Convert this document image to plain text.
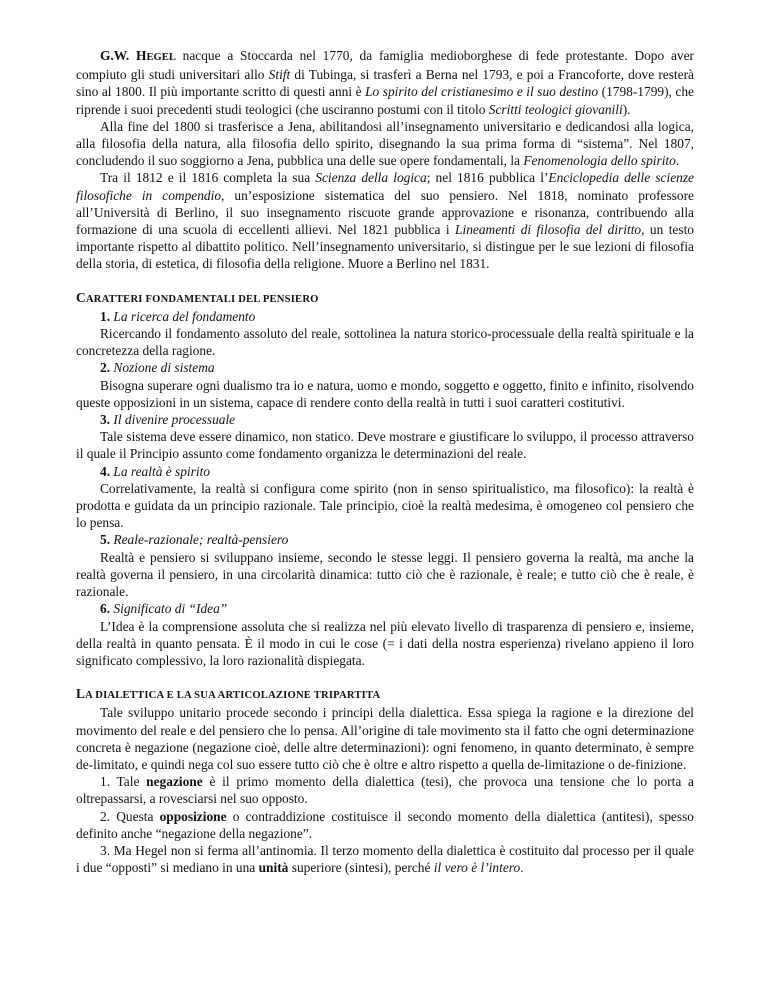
G.W. HEGEL nacque a Stoccarda nel 1770, da famiglia medioborghese di fede protestante. Dopo aver compiuto gli studi universitari allo Stift di Tubinga, si trasferì a Berna nel 1793, e poi a Francoforte, dove resterà sino al 1800. Il più importante scritto di questi anni è Lo spirito del cristianesimo e il suo destino (1798-1799), che riprende i suoi precedenti studi teologici (che usciranno postumi con il titolo Scritti teologici giovanili).

Alla fine del 1800 si trasferisce a Jena, abilitandosi all’insegnamento universitario e dedicandosi alla logica, alla filosofia della natura, alla filosofia dello spirito, disegnando la sua prima forma di “sistema”. Nel 1807, concludendo il suo soggiorno a Jena, pubblica una delle sue opere fondamentali, la Fenomenologia dello spirito.

Tra il 1812 e il 1816 completa la sua Scienza della logica; nel 1816 pubblica l’Enciclopedia delle scienze filosofiche in compendio, un’esposizione sistematica del suo pensiero. Nel 1818, nominato professore all’Università di Berlino, il suo insegnamento riscuote grande approvazione e risonanza, contribuendo alla formazione di una scuola di eccellenti allievi. Nel 1821 pubblica i Lineamenti di filosofia del diritto, un testo importante rispetto al dibattito politico. Nell’insegnamento universitario, si distingue per le sue lezioni di filosofia della storia, di estetica, di filosofia della religione. Muore a Berlino nel 1831.

CARATTERI FONDAMENTALI DEL PENSIERO

1. La ricerca del fondamento

Ricercando il fondamento assoluto del reale, sottolinea la natura storico-processuale della realtà spirituale e la concretezza della ragione.

2. Nozione di sistema

Bisogna superare ogni dualismo tra io e natura, uomo e mondo, soggetto e oggetto, finito e infinito, risolvendo queste opposizioni in un sistema, capace di rendere conto della realtà in tutti i suoi caratteri costitutivi.

3. Il divenire processuale

Tale sistema deve essere dinamico, non statico. Deve mostrare e giustificare lo sviluppo, il processo attraverso il quale il Principio assunto come fondamento organizza le determinazioni del reale.

4. La realtà è spirito

Correlativamente, la realtà si configura come spirito (non in senso spiritualistico, ma filosofico): la realtà è prodotta e guidata da un principio razionale. Tale principio, cioè la realtà medesima, è omogeneo col pensiero che lo pensa.

5. Reale-razionale; realtà-pensiero

Realtà e pensiero si sviluppano insieme, secondo le stesse leggi. Il pensiero governa la realtà, ma anche la realtà governa il pensiero, in una circolarità dinamica: tutto ciò che è razionale, è reale; e tutto ciò che è reale, è razionale.

6. Significato di “Idea”

L’Idea è la comprensione assoluta che si realizza nel più elevato livello di trasparenza di pensiero e, insieme, della realtà in quanto pensata. È il modo in cui le cose (= i dati della nostra esperienza) rivelano appieno il loro significato complessivo, la loro razionalità dispiegata.

LA DIALETTICA E LA SUA ARTICOLAZIONE TRIPARTITA

Tale sviluppo unitario procede secondo i principi della dialettica. Essa spiega la ragione e la direzione del movimento del reale e del pensiero che lo pensa. All’origine di tale movimento sta il fatto che ogni determinazione concreta è negazione (negazione cioè, delle altre determinazioni): ogni fenomeno, in quanto determinato, è sempre de-limitato, e quindi nega col suo essere tutto ciò che è oltre e altro rispetto a quella de-limitazione o de-finizione.

1. Tale negazione è il primo momento della dialettica (tesi), che provoca una tensione che lo porta a oltrepassarsi, a rovesciarsi nel suo opposto.

2. Questa opposizione o contraddizione costituisce il secondo momento della dialettica (antitesi), spesso definito anche “negazione della negazione”.

3. Ma Hegel non si ferma all’antinomia. Il terzo momento della dialettica è costituito dal processo per il quale i due “opposti” si mediano in una unità superiore (sintesi), perché il vero è l’intero.
